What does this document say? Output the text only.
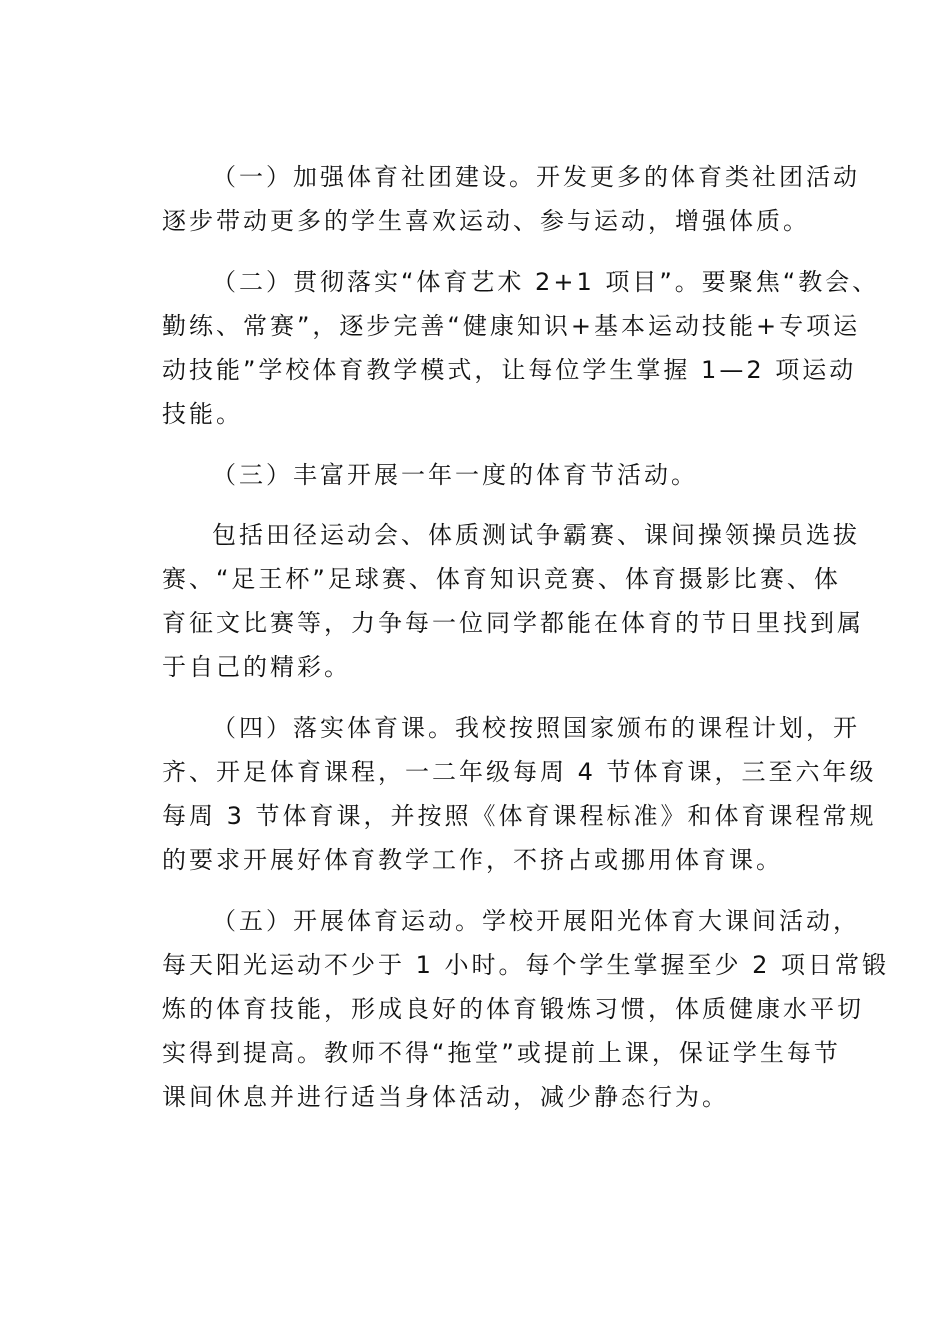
（一）加强体育社团建设。开发更多的体育类社团活动
逐步带动更多的学生喜欢运动、参与运动，增强体质。
（二）贯彻落实“体育艺术 2+1 项目”。要聚焦“教会、
勤练、常赛”，逐步完善“健康知识+基本运动技能+专项运
动技能”学校体育教学模式，让每位学生掌握 1—2 项运动
技能。
（三）丰富开展一年一度的体育节活动。
包括田径运动会、体质测试争霸赛、课间操领操员选拔
赛、“足王杯”足球赛、体育知识竞赛、体育摄影比赛、体
育征文比赛等，力争每一位同学都能在体育的节日里找到属
于自己的精彩。
（四）落实体育课。我校按照国家颁布的课程计划，开
齐、开足体育课程，一二年级每周 4 节体育课，三至六年级
每周 3 节体育课，并按照《体育课程标准》和体育课程常规
的要求开展好体育教学工作，不挤占或挪用体育课。
（五）开展体育运动。学校开展阳光体育大课间活动，
每天阳光运动不少于 1 小时。每个学生掌握至少 2 项日常锻
炼的体育技能，形成良好的体育锻炼习惯，体质健康水平切
实得到提高。教师不得“拖堂”或提前上课，保证学生每节
课间休息并进行适当身体活动，减少静态行为。
